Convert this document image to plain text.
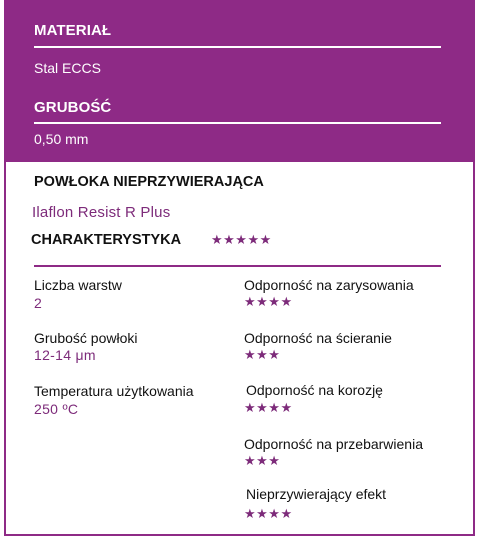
MATERIAŁ
Stal ECCS
GRUBOŚĆ
0,50 mm
POWŁOKA NIEPRZYWIERAJĄCA
Ilaflon Resist R Plus
CHARAKTERYSTYKA ★★★★★
Liczba warstw
2
Grubość powłoki
12-14 μm
Temperatura użytkowania
250 ºC
Odporność na zarysowania
★★★★
Odporność na ścieranie
★★★
Odporność na korozję
★★★★
Odporność na przebarwienia
★★★
Nieprzywierający efekt
★★★★
